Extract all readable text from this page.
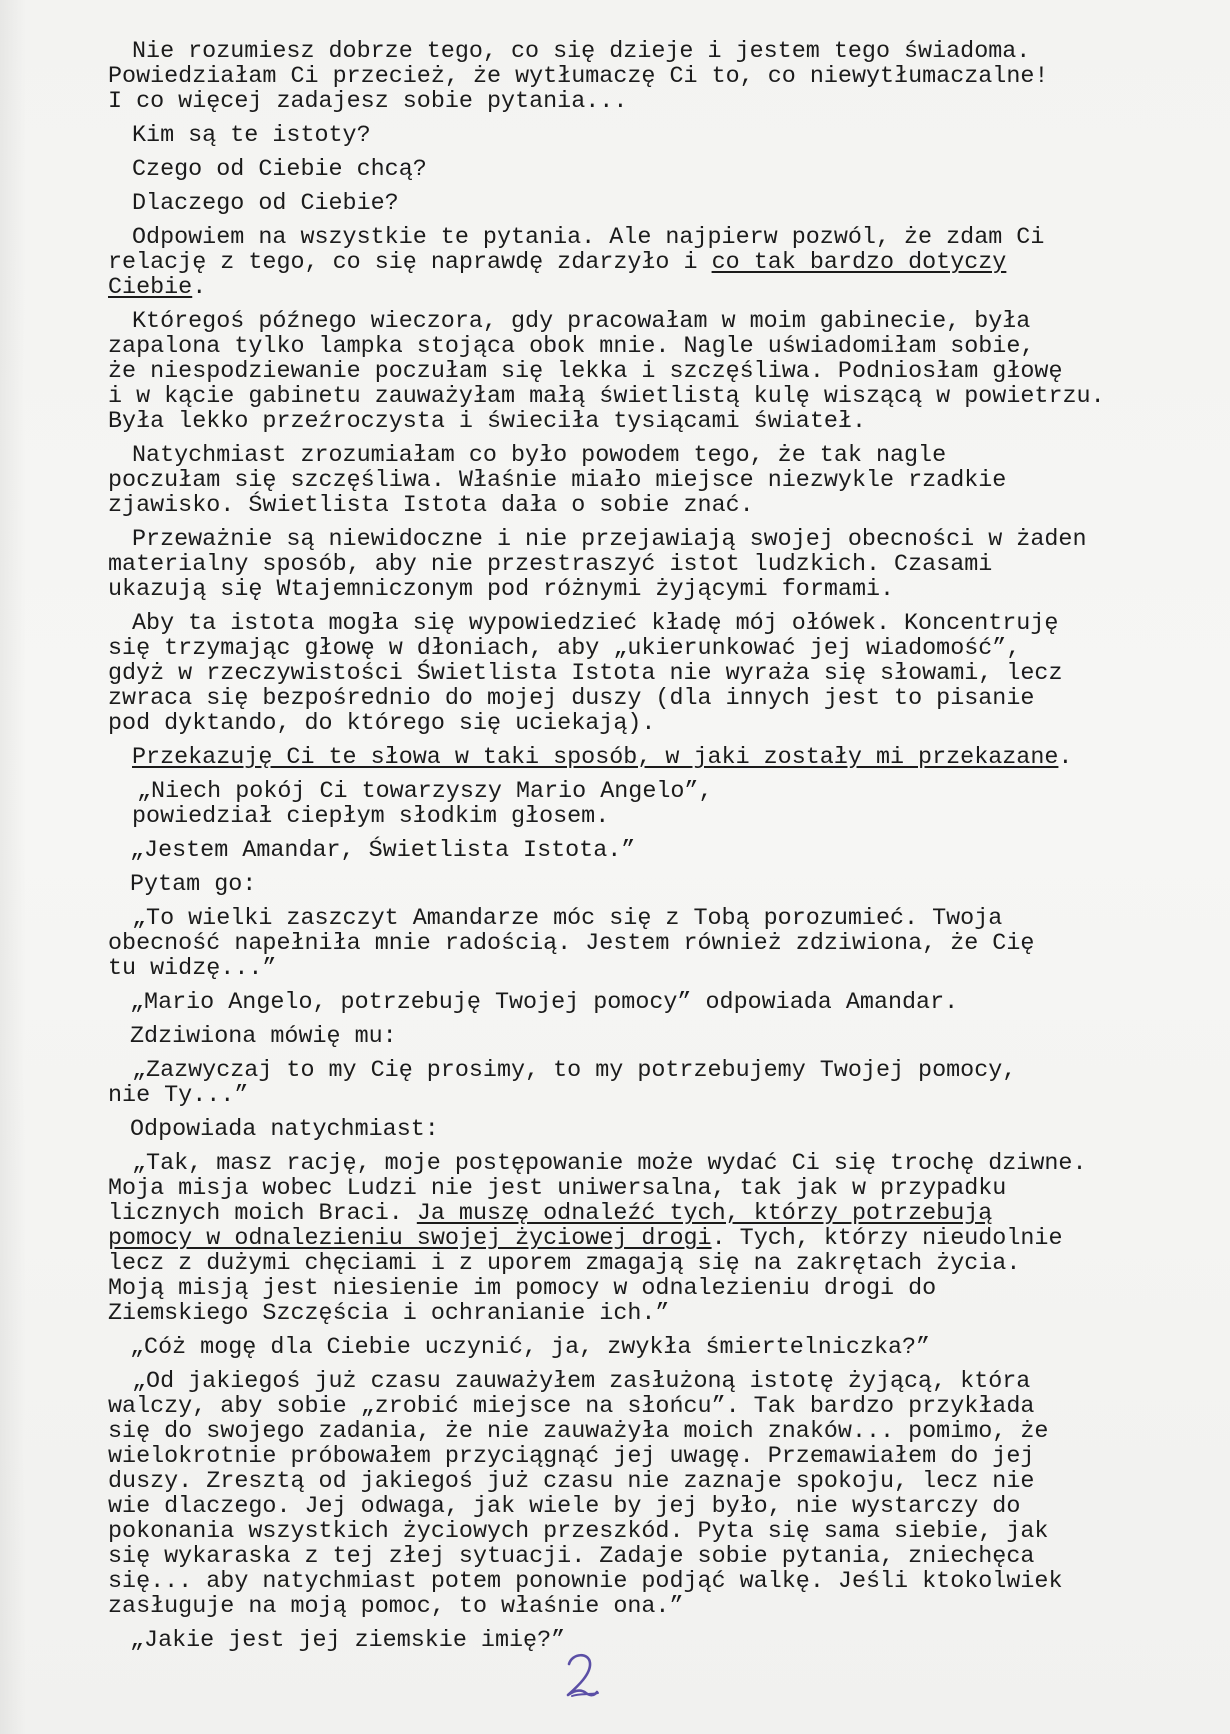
Nie rozumiesz dobrze tego, co się dzieje i jestem tego świadoma.
Powiedziałam Ci przecież, że wytłumaczę Ci to, co niewytłumaczalne!
I co więcej zadajesz sobie pytania...
Kim są te istoty?
Czego od Ciebie chcą?
Dlaczego od Ciebie?
Odpowiem na wszystkie te pytania. Ale najpierw pozwól, że zdam Ci
relację z tego, co się naprawdę zdarzyło i co tak bardzo dotyczy
Ciebie.
Któregoś późnego wieczora, gdy pracowałam w moim gabinecie, była
zapalona tylko lampka stojąca obok mnie. Nagle uświadomiłam sobie,
że niespodziewanie poczułam się lekka i szczęśliwa. Podniosłam głowę
i w kącie gabinetu zauważyłam małą świetlistą kulę wiszącą w powietrzu.
Była lekko przeźroczysta i świeciła tysiącami świateł.
Natychmiast zrozumiałam co było powodem tego, że tak nagle
poczułam się szczęśliwa. Właśnie miało miejsce niezwykle rzadkie
zjawisko. Świetlista Istota dała o sobie znać.
Przeważnie są niewidoczne i nie przejawiają swojej obecności w żaden
materialny sposób, aby nie przestraszyć istot ludzkich. Czasami
ukazują się Wtajemniczonym pod różnymi żyjącymi formami.
Aby ta istota mogła się wypowiedzieć kładę mój ołówek. Koncentruję
się trzymając głowę w dłoniach, aby „ukierunkować jej wiadomość”,
gdyż w rzeczywistości Świetlista Istota nie wyraża się słowami, lecz
zwraca się bezpośrednio do mojej duszy (dla innych jest to pisanie
pod dyktando, do którego się uciekają).
Przekazuję Ci te słowa w taki sposób, w jaki zostały mi przekazane.
„Niech pokój Ci towarzyszy Mario Angelo”,
powiedział ciepłym słodkim głosem.
„Jestem Amandar, Świetlista Istota.”
Pytam go:
„To wielki zaszczyt Amandarze móc się z Tobą porozumieć. Twoja
obecność napełniła mnie radością. Jestem również zdziwiona, że Cię
tu widzę...”
„Mario Angelo, potrzebuję Twojej pomocy” odpowiada Amandar.
Zdziwiona mówię mu:
„Zazwyczaj to my Cię prosimy, to my potrzebujemy Twojej pomocy,
nie Ty...”
Odpowiada natychmiast:
„Tak, masz rację, moje postępowanie może wydać Ci się trochę dziwne.
Moja misja wobec Ludzi nie jest uniwersalna, tak jak w przypadku
licznych moich Braci. Ja muszę odnaleźć tych, którzy potrzebują
pomocy w odnalezieniu swojej życiowej drogi. Tych, którzy nieudolnie
lecz z dużymi chęciami i z uporem zmagają się na zakrętach życia.
Moją misją jest niesienie im pomocy w odnalezieniu drogi do
Ziemskiego Szczęścia i ochranianie ich.”
„Cóż mogę dla Ciebie uczynić, ja, zwykła śmiertelniczka?”
„Od jakiegoś już czasu zauważyłem zasłużoną istotę żyjącą, która
walczy, aby sobie „zrobić miejsce na słońcu”. Tak bardzo przykłada
się do swojego zadania, że nie zauważyła moich znaków... pomimo, że
wielokrotnie próbowałem przyciągnąć jej uwagę. Przemawiałem do jej
duszy. Zresztą od jakiegoś już czasu nie zaznaje spokoju, lecz nie
wie dlaczego. Jej odwaga, jak wiele by jej było, nie wystarczy do
pokonania wszystkich życiowych przeszkód. Pyta się sama siebie, jak
się wykaraska z tej złej sytuacji. Zadaje sobie pytania, zniechęca
się... aby natychmiast potem ponownie podjąć walkę. Jeśli ktokolwiek
zasługuje na moją pomoc, to właśnie ona.”
„Jakie jest jej ziemskie imię?”
